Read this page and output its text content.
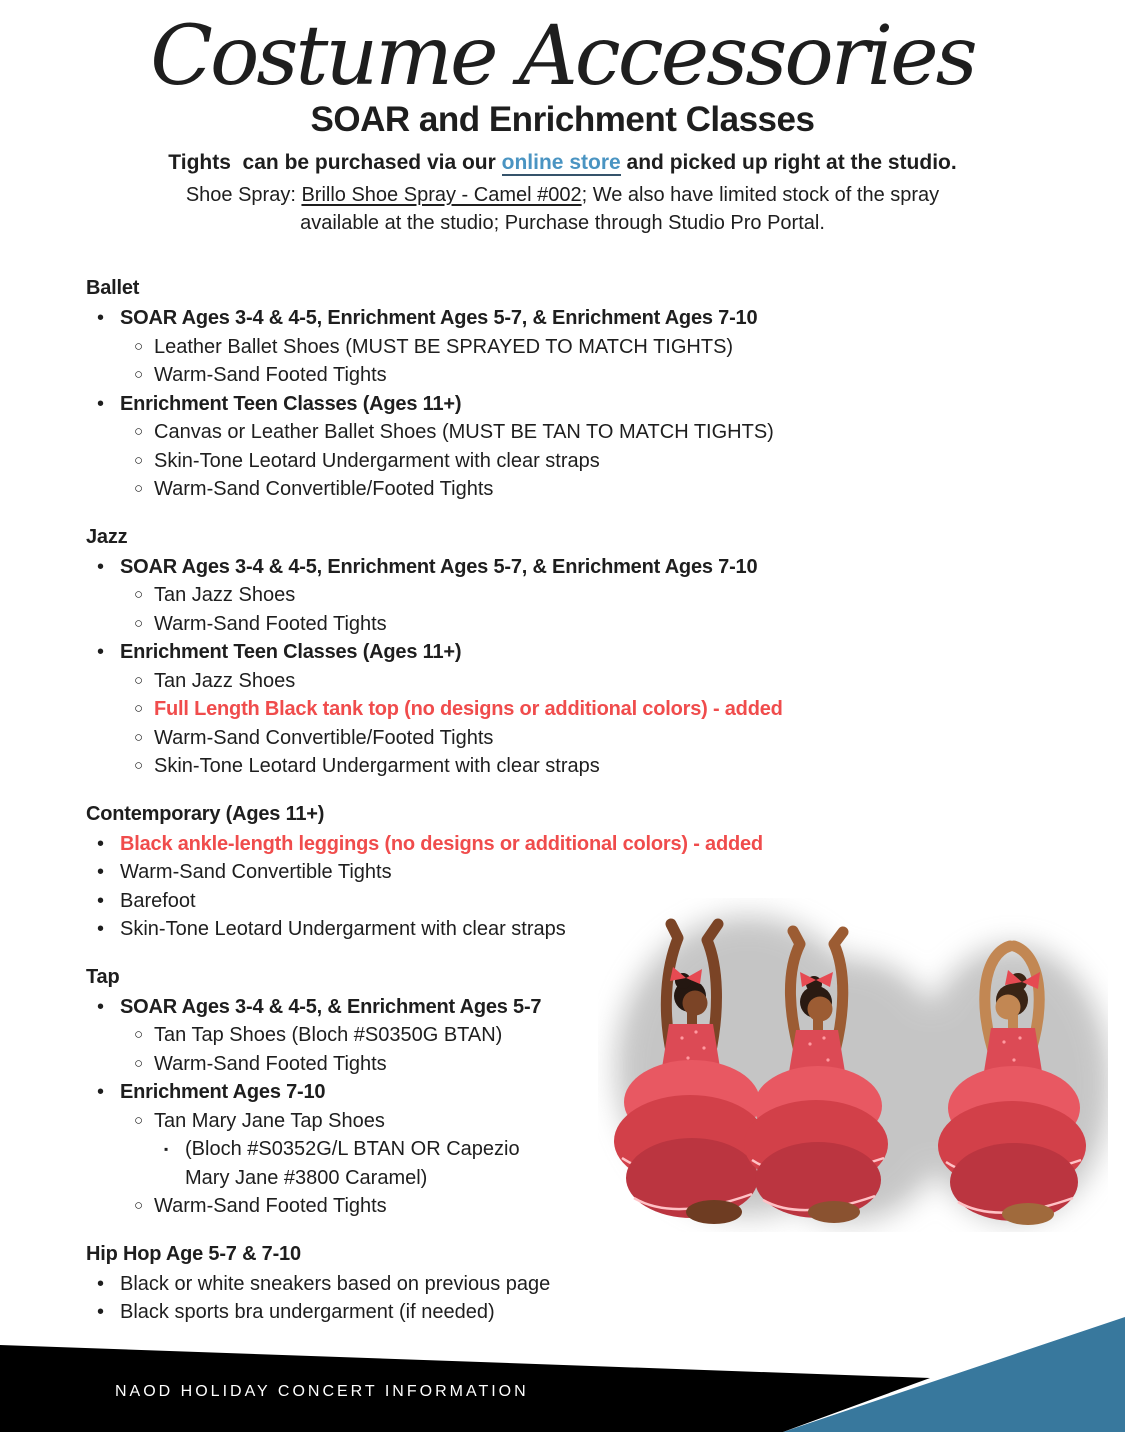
Costume Accessories
SOAR and Enrichment Classes
Tights  can be purchased via our online store and picked up right at the studio.
Shoe Spray: Brillo Shoe Spray - Camel #002; We also have limited stock of the spray
available at the studio; Purchase through Studio Pro Portal.
Ballet
• SOAR Ages 3-4 & 4-5, Enrichment Ages 5-7, & Enrichment Ages 7-10
○ Leather Ballet Shoes (MUST BE SPRAYED TO MATCH TIGHTS)
○ Warm-Sand Footed Tights
• Enrichment Teen Classes (Ages 11+)
○ Canvas or Leather Ballet Shoes (MUST BE TAN TO MATCH TIGHTS)
○ Skin-Tone Leotard Undergarment with clear straps
○ Warm-Sand Convertible/Footed Tights
Jazz
• SOAR Ages 3-4 & 4-5, Enrichment Ages 5-7, & Enrichment Ages 7-10
○ Tan Jazz Shoes
○ Warm-Sand Footed Tights
• Enrichment Teen Classes (Ages 11+)
○ Tan Jazz Shoes
○ Full Length Black tank top (no designs or additional colors) - added
○ Warm-Sand Convertible/Footed Tights
○ Skin-Tone Leotard Undergarment with clear straps
Contemporary (Ages 11+)
• Black ankle-length leggings (no designs or additional colors) - added
• Warm-Sand Convertible Tights
• Barefoot
• Skin-Tone Leotard Undergarment with clear straps
Tap
• SOAR Ages 3-4 & 4-5, & Enrichment Ages 5-7
○ Tan Tap Shoes (Bloch #S0350G BTAN)
○ Warm-Sand Footed Tights
• Enrichment Ages 7-10
○ Tan Mary Jane Tap Shoes
▪ (Bloch #S0352G/L BTAN OR Capezio Mary Jane #3800 Caramel)
○ Warm-Sand Footed Tights
Hip Hop Age 5-7 & 7-10
• Black or white sneakers based on previous page
• Black sports bra undergarment (if needed)
NAOD HOLIDAY CONCERT INFORMATION
